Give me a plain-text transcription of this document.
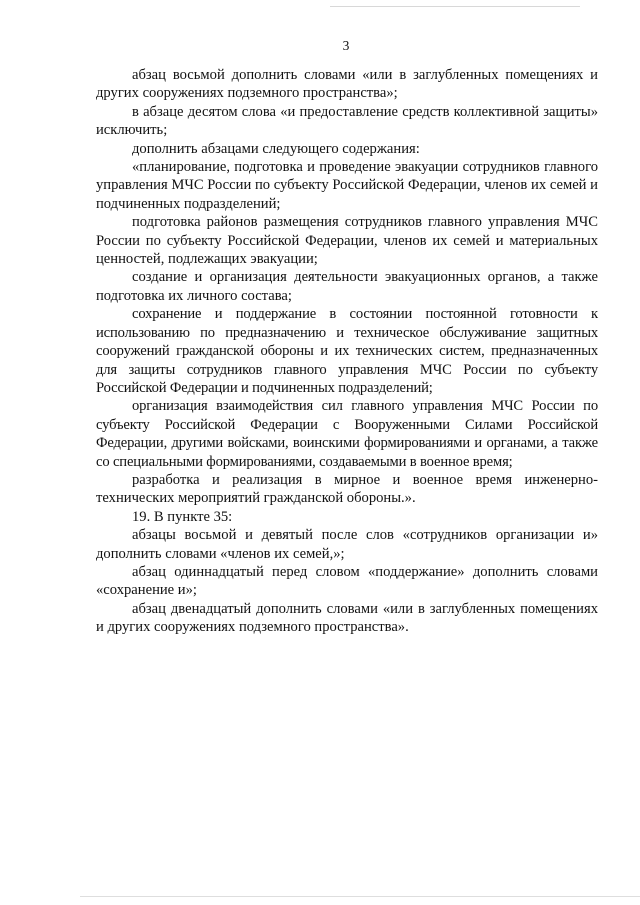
3

абзац восьмой дополнить словами «или в заглубленных помещениях и других сооружениях подземного пространства»;

в абзаце десятом слова «и предоставление средств коллективной защиты» исключить;

дополнить абзацами следующего содержания:

«планирование, подготовка и проведение эвакуации сотрудников главного управления МЧС России по субъекту Российской Федерации, членов их семей и подчиненных подразделений;

подготовка районов размещения сотрудников главного управления МЧС России по субъекту Российской Федерации, членов их семей и материальных ценностей, подлежащих эвакуации;

создание и организация деятельности эвакуационных органов, а также подготовка их личного состава;

сохранение и поддержание в состоянии постоянной готовности к использованию по предназначению и техническое обслуживание защитных сооружений гражданской обороны и их технических систем, предназначенных для защиты сотрудников главного управления МЧС России по субъекту Российской Федерации и подчиненных подразделений;

организация взаимодействия сил главного управления МЧС России по субъекту Российской Федерации с Вооруженными Силами Российской Федерации, другими войсками, воинскими формированиями и органами, а также со специальными формированиями, создаваемыми в военное время;

разработка и реализация в мирное и военное время инженерно-технических мероприятий гражданской обороны.».

19. В пункте 35:

абзацы восьмой и девятый после слов «сотрудников организации и» дополнить словами «членов их семей,»;

абзац одиннадцатый перед словом «поддержание» дополнить словами «сохранение и»;

абзац двенадцатый дополнить словами «или в заглубленных помещениях и других сооружениях подземного пространства».
